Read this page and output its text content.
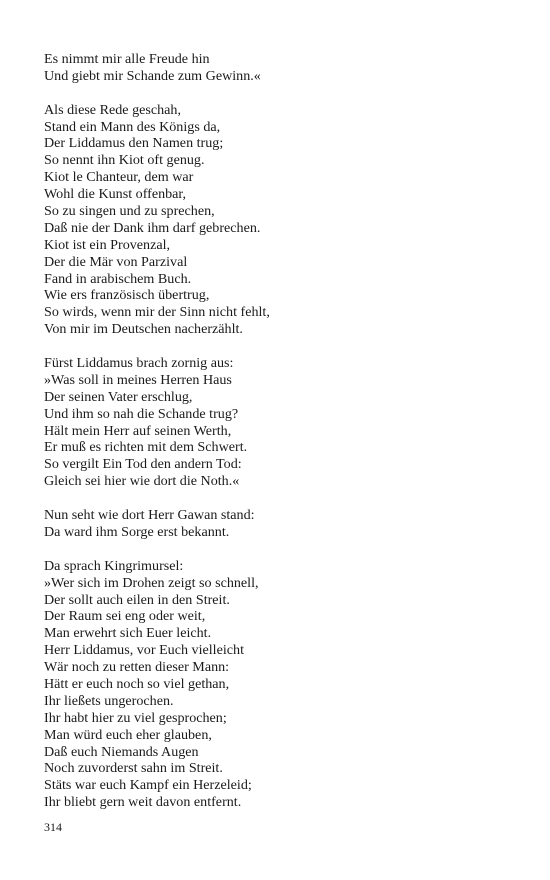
Es nimmt mir alle Freude hin
Und giebt mir Schande zum Gewinn.«
Als diese Rede geschah,
Stand ein Mann des Königs da,
Der Liddamus den Namen trug;
So nennt ihn Kiot oft genug.
Kiot le Chanteur, dem war
Wohl die Kunst offenbar,
So zu singen und zu sprechen,
Daß nie der Dank ihm darf gebrechen.
Kiot ist ein Provenzal,
Der die Mär von Parzival
Fand in arabischem Buch.
Wie ers französisch übertrug,
So wirds, wenn mir der Sinn nicht fehlt,
Von mir im Deutschen nacherzählt.
Fürst Liddamus brach zornig aus:
»Was soll in meines Herren Haus
Der seinen Vater erschlug,
Und ihm so nah die Schande trug?
Hält mein Herr auf seinen Werth,
Er muß es richten mit dem Schwert.
So vergilt Ein Tod den andern Tod:
Gleich sei hier wie dort die Noth.«
Nun seht wie dort Herr Gawan stand:
Da ward ihm Sorge erst bekannt.
Da sprach Kingrimursel:
»Wer sich im Drohen zeigt so schnell,
Der sollt auch eilen in den Streit.
Der Raum sei eng oder weit,
Man erwehrt sich Euer leicht.
Herr Liddamus, vor Euch vielleicht
Wär noch zu retten dieser Mann:
Hätt er euch noch so viel gethan,
Ihr ließets ungerochen.
Ihr habt hier zu viel gesprochen;
Man würd euch eher glauben,
Daß euch Niemands Augen
Noch zuvorderst sahn im Streit.
Stäts war euch Kampf ein Herzeleid;
Ihr bliebt gern weit davon entfernt.
314
